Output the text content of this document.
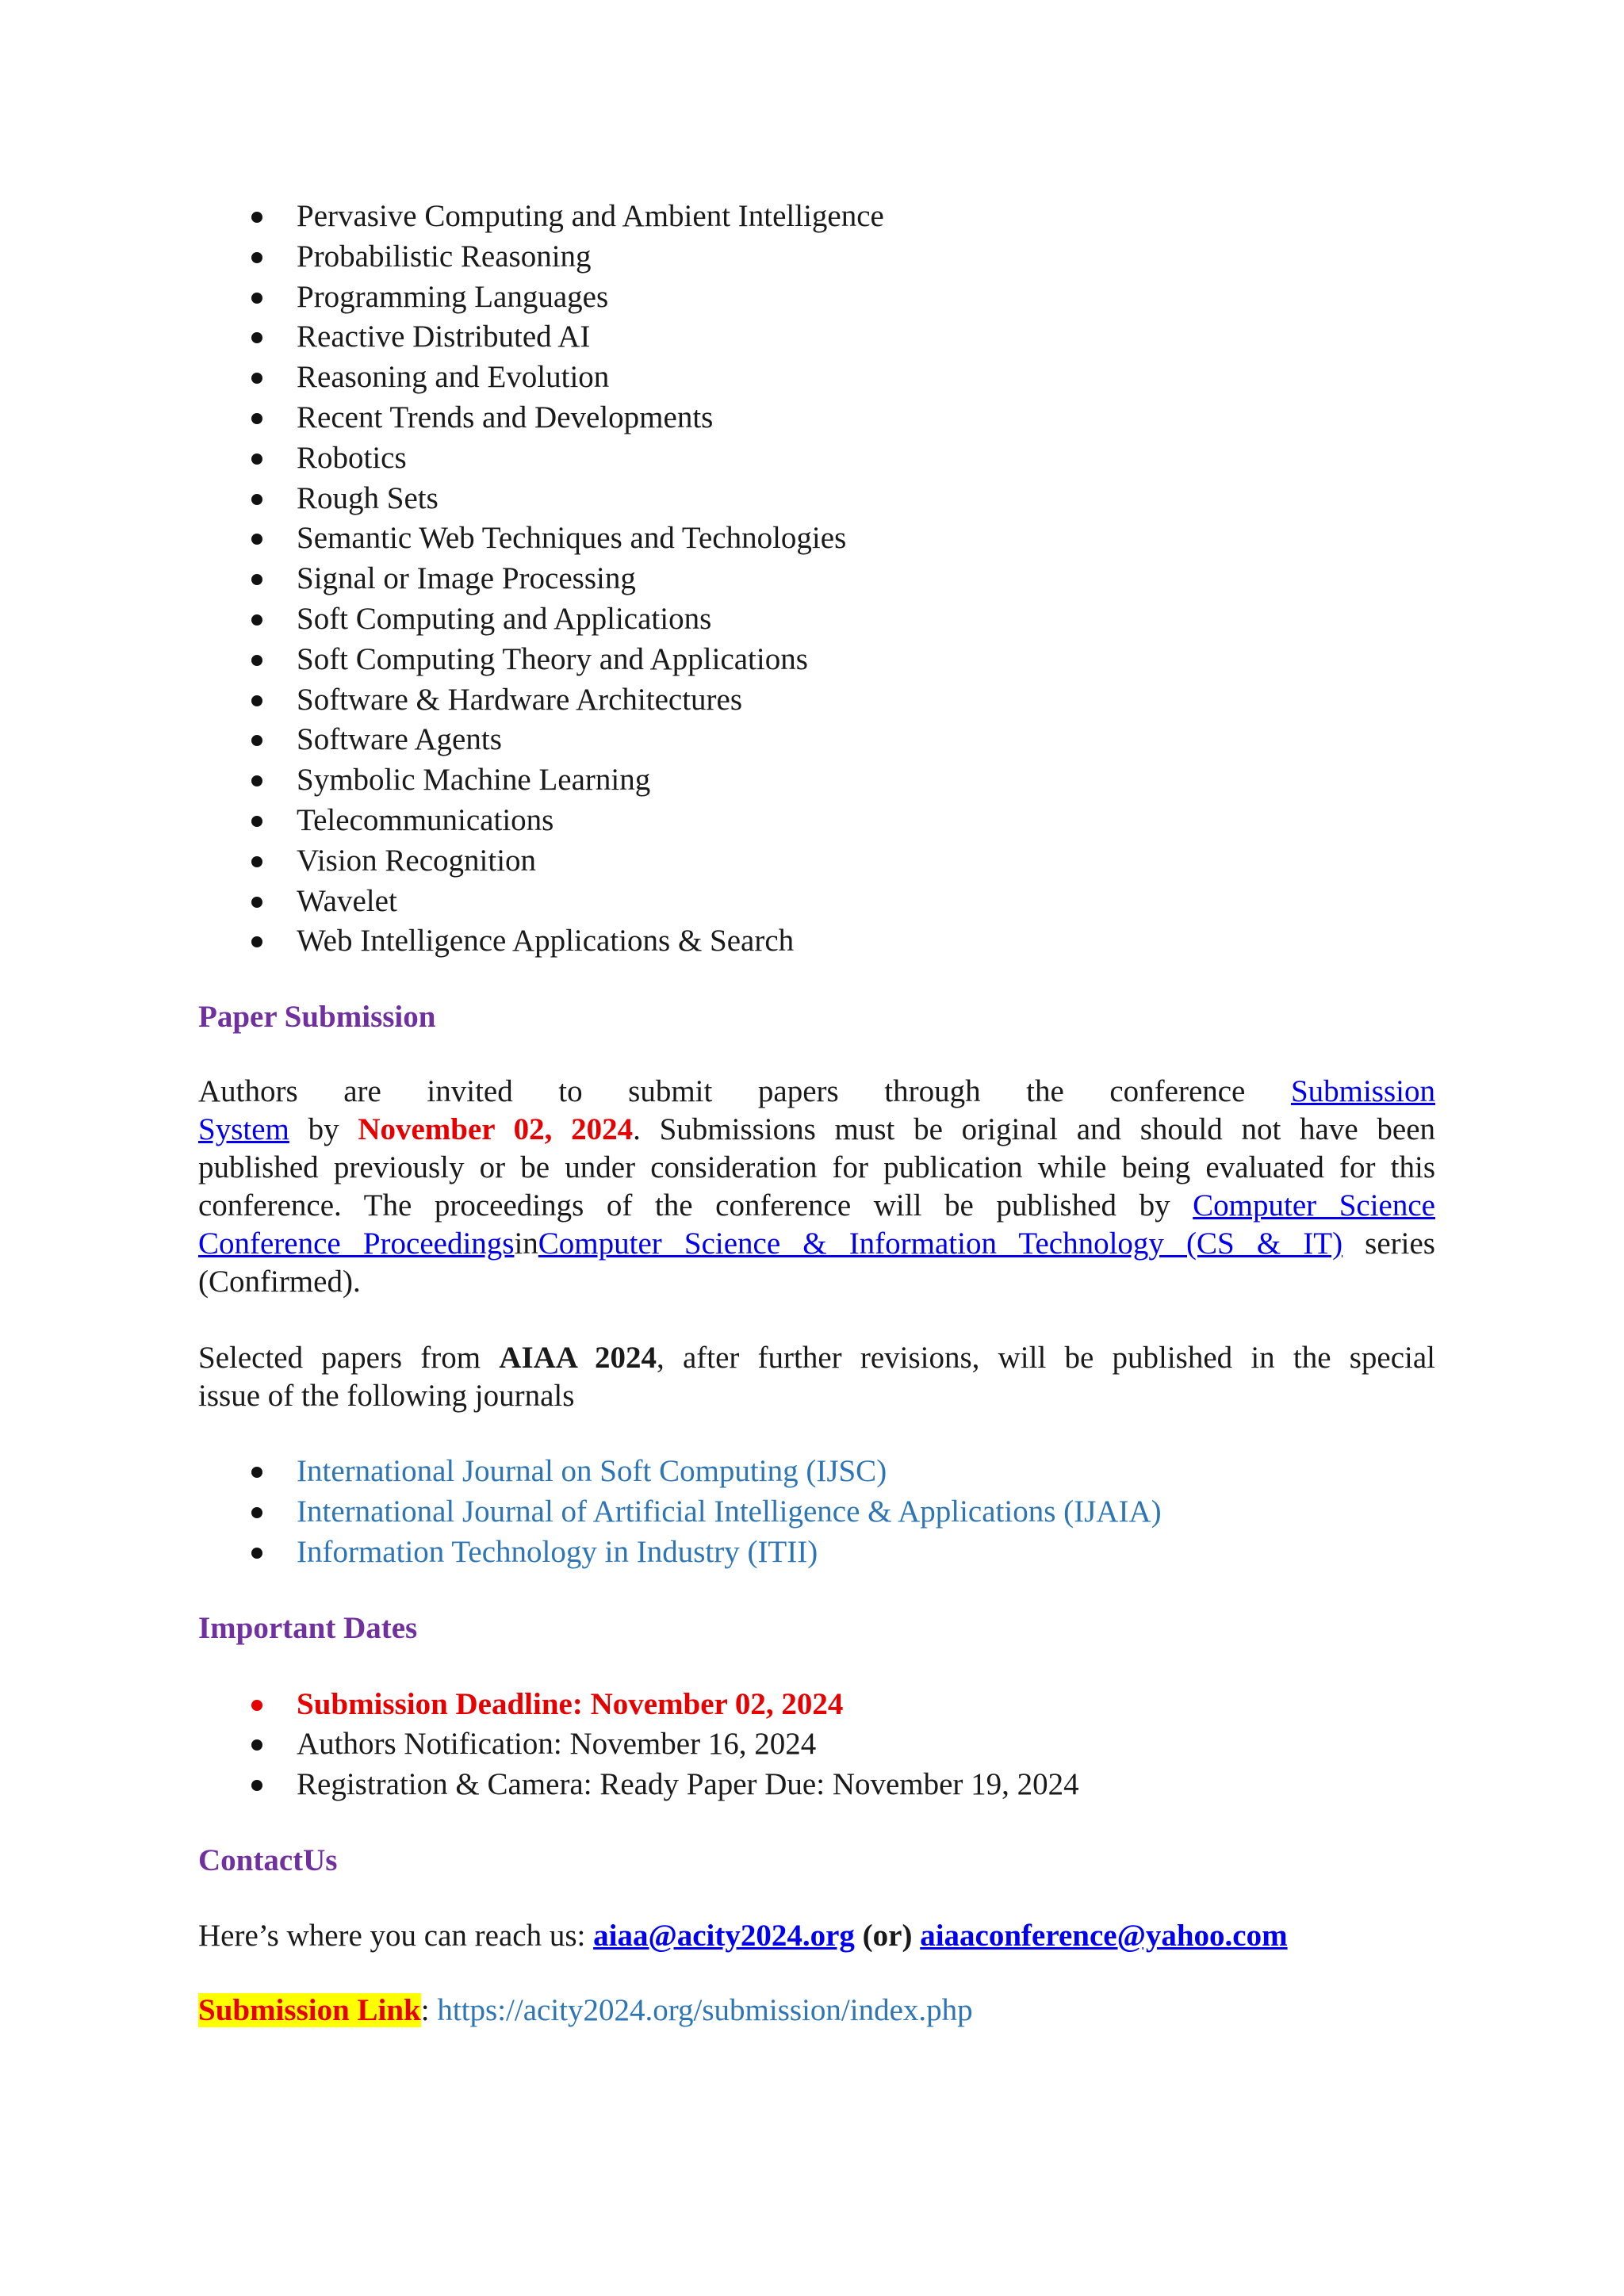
Pervasive Computing and Ambient Intelligence
Probabilistic Reasoning
Programming Languages
Reactive Distributed AI
Reasoning and Evolution
Recent Trends and Developments
Robotics
Rough Sets
Semantic Web Techniques and Technologies
Signal or Image Processing
Soft Computing and Applications
Soft Computing Theory and Applications
Software & Hardware Architectures
Software Agents
Symbolic Machine Learning
Telecommunications
Vision Recognition
Wavelet
Web Intelligence Applications & Search
Paper Submission
Authors are invited to submit papers through the conference Submission
System by November 02, 2024. Submissions must be original and should not have been
published previously or be under consideration for publication while being evaluated for this
conference. The proceedings of the conference will be published by Computer Science
Conference ProceedingsinComputer Science & Information Technology (CS & IT) series
(Confirmed).
Selected papers from AIAA 2024, after further revisions, will be published in the special
issue of the following journals
International Journal on Soft Computing (IJSC)
International Journal of Artificial Intelligence & Applications (IJAIA)
Information Technology in Industry (ITII)
Important Dates
Submission Deadline: November 02, 2024
Authors Notification: November 16, 2024
Registration & Camera: Ready Paper Due: November 19, 2024
ContactUs
Here’s where you can reach us: aiaa@acity2024.org (or) aiaaconference@yahoo.com
Submission Link: https://acity2024.org/submission/index.php
